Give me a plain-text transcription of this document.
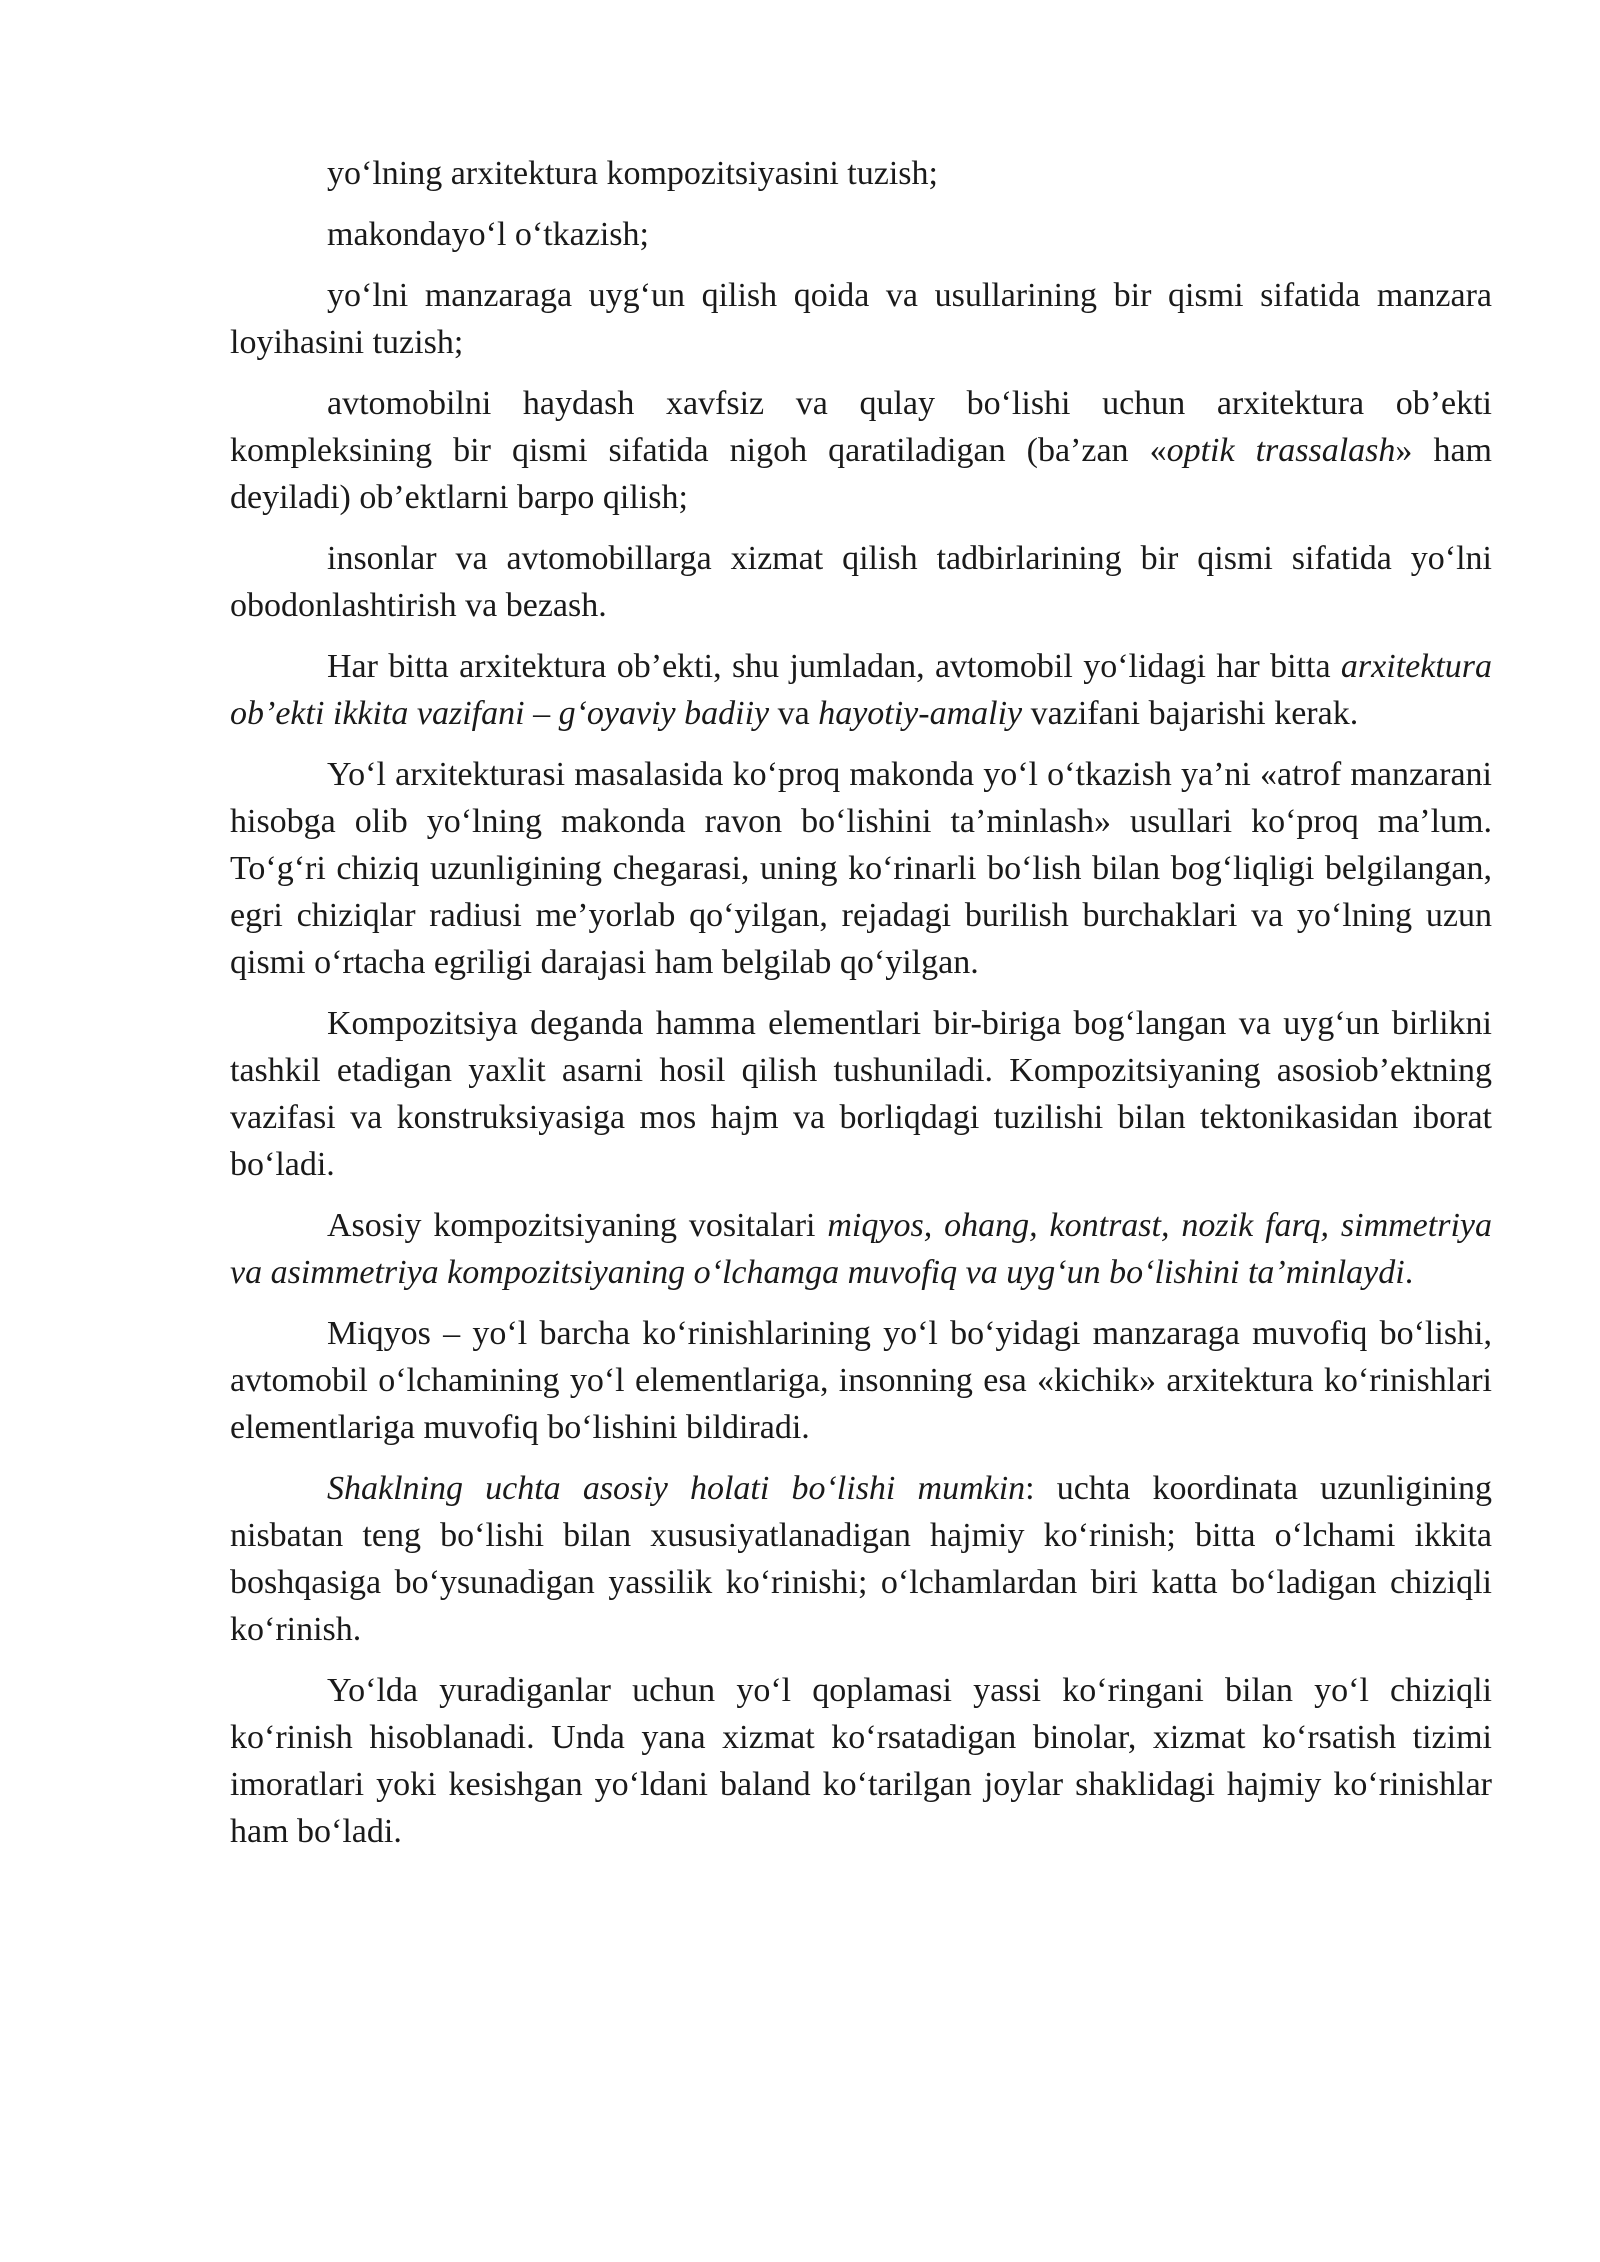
yo‘lning arxitektura kompozitsiyasini tuzish;

makondayo‘l o‘tkazish;

yo‘lni manzaraga uyg‘un qilish qoida va usullarining bir qismi sifatida manzara loyihasini tuzish;

avtomobilni haydash xavfsiz va qulay bo‘lishi uchun arxitektura ob’ekti kompleksining bir qismi sifatida nigoh qaratiladigan (ba’zan «optik trassalash» ham deyiladi) ob’ektlarni barpo qilish;

insonlar va avtomobillarga xizmat qilish tadbirlarining bir qismi sifatida yo‘lni obodonlashtirish va bezash.

Har bitta arxitektura ob’ekti, shu jumladan, avtomobil yo‘lidagi har bitta arxitektura ob’ekti ikkita vazifani – g‘oyaviy badiiy va hayotiy-amaliy vazifani bajarishi kerak.

Yo‘l arxitekturasi masalasida ko‘proq makonda yo‘l o‘tkazish ya’ni «atrof manzarani hisobga olib yo‘lning makonda ravon bo‘lishini ta’minlash» usullari ko‘proq ma’lum. To‘g‘ri chiziq uzunligining chegarasi, uning ko‘rinarli bo‘lish bilan bog‘liqligi belgilangan, egri chiziqlar radiusi me’yorlab qo‘yilgan, rejadagi burilish burchaklari va yo‘lning uzun qismi o‘rtacha egriligi darajasi ham belgilab qo‘yilgan.

Kompozitsiya deganda hamma elementlari bir-biriga bog‘langan va uyg‘un birlikni tashkil etadigan yaxlit asarni hosil qilish tushuniladi. Kompozitsiyaning asosiob’ektning vazifasi va konstruksiyasiga mos hajm va borliqdagi tuzilishi bilan tektonikasidan iborat bo‘ladi.

Asosiy kompozitsiyaning vositalari miqyos, ohang, kontrast, nozik farq, simmetriya va asimmetriya kompozitsiyaning o‘lchamga muvofiq va uyg‘un bo‘lishini ta’minlaydi.

Miqyos – yo‘l barcha ko‘rinishlarining yo‘l bo‘yidagi manzaraga muvofiq bo‘lishi, avtomobil o‘lchamining yo‘l elementlariga, insonning esa «kichik» arxitektura ko‘rinishlari elementlariga muvofiq bo‘lishini bildiradi.

Shaklning uchta asosiy holati bo‘lishi mumkin: uchta koordinata uzunligining nisbatan teng bo‘lishi bilan xususiyatlanadigan hajmiy ko‘rinish; bitta o‘lchami ikkita boshqasiga bo‘ysunadigan yassilik ko‘rinishi; o‘lchamlardan biri katta bo‘ladigan chiziqli ko‘rinish.

Yo‘lda yuradiganlar uchun yo‘l qoplamasi yassi ko‘ringani bilan yo‘l chiziqli ko‘rinish hisoblanadi. Unda yana xizmat ko‘rsatadigan binolar, xizmat ko‘rsatish tizimi imoratlari yoki kesishgan yo‘ldani baland ko‘tarilgan joylar shaklidagi hajmiy ko‘rinishlar ham bo‘ladi.
